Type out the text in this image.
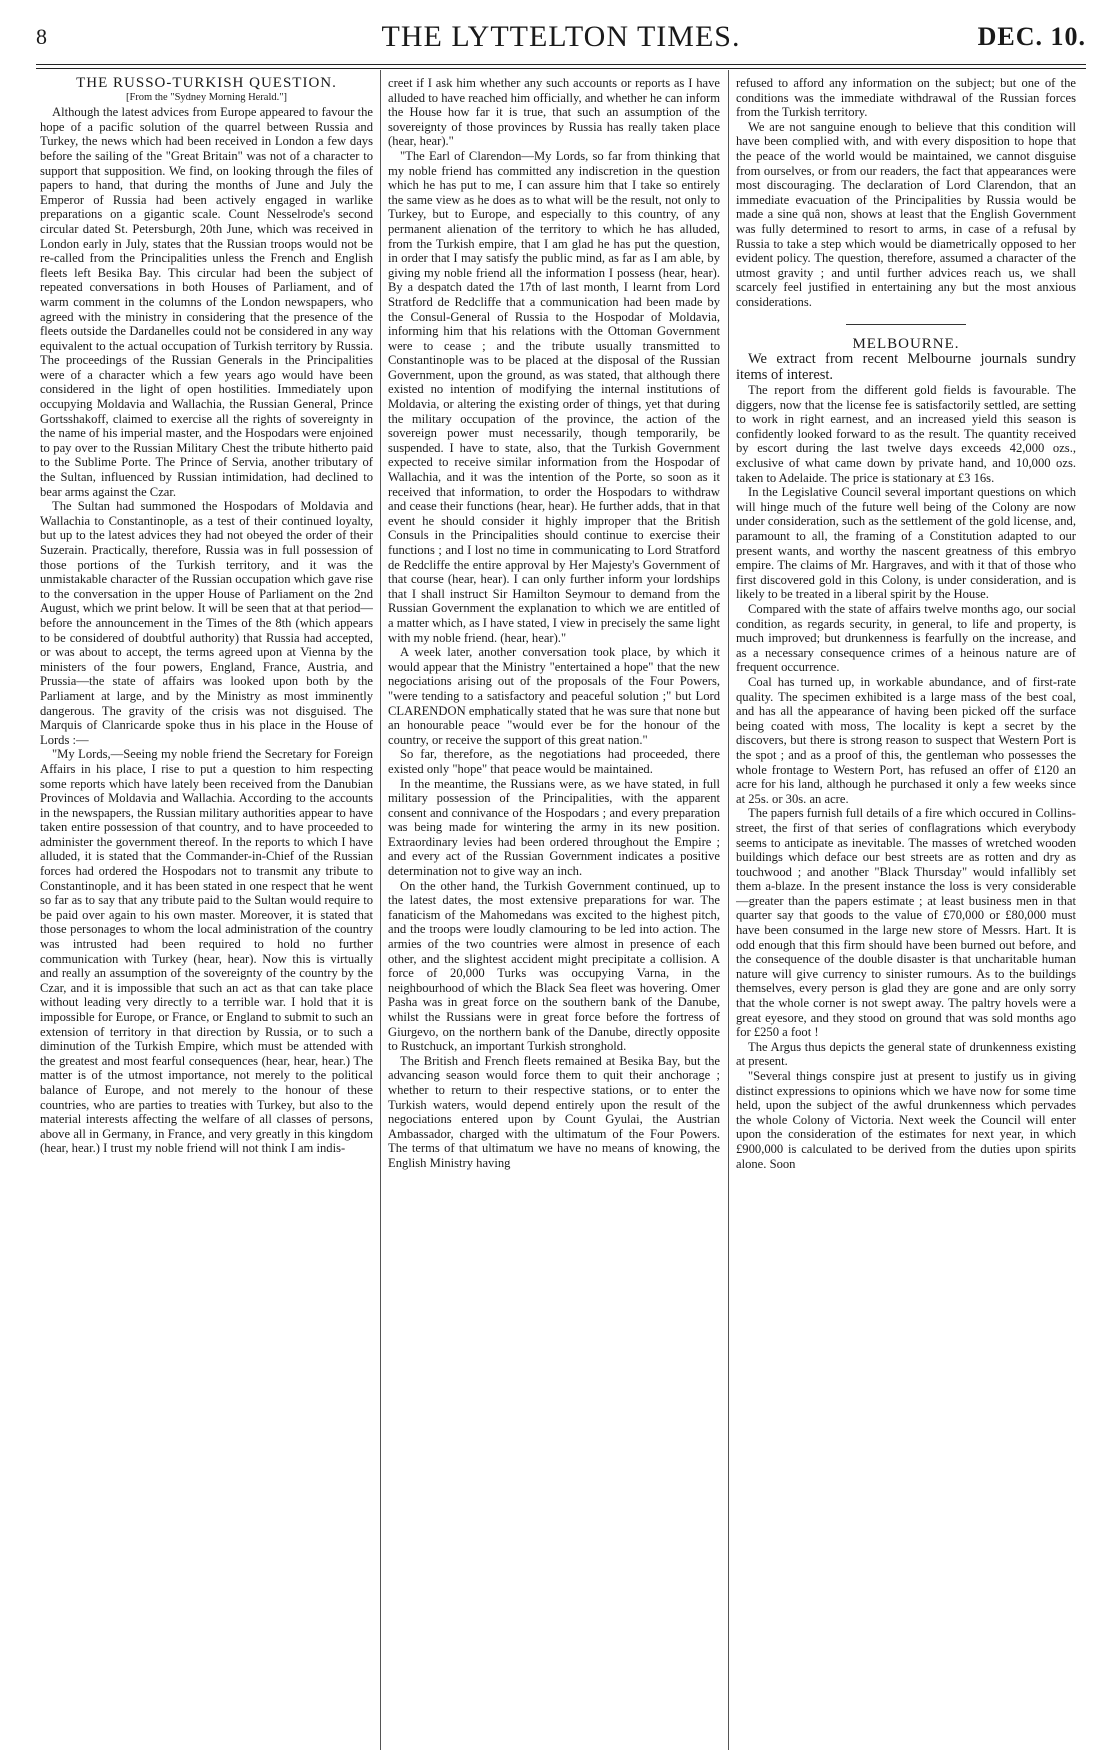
8	THE LYTTELTON TIMES.	DEC. 10.

THE RUSSO-TURKISH QUESTION.

[From the "Sydney Morning Herald."]

Although the latest advices from Europe appeared to favour the hope of a pacific solution of the quarrel between Russia and Turkey, the news which had been received in London a few days before the sailing of the "Great Britain" was not of a character to support that supposition. We find, on looking through the files of papers to hand, that during the months of June and July the Emperor of Russia had been actively engaged in warlike preparations on a gigantic scale. Count Nesselrode's second circular dated St. Petersburgh, 20th June, which was received in London early in July, states that the Russian troops would not be re-called from the Principalities unless the French and English fleets left Besika Bay. This circular had been the subject of repeated conversations in both Houses of Parliament, and of warm comment in the columns of the London newspapers, who agreed with the ministry in considering that the presence of the fleets outside the Dardanelles could not be considered in any way equivalent to the actual occupation of Turkish territory by Russia. The proceedings of the Russian Generals in the Principalities were of a character which a few years ago would have been considered in the light of open hostilities. Immediately upon occupying Moldavia and Wallachia, the Russian General, Prince Gortsshakoff, claimed to exercise all the rights of sovereignty in the name of his imperial master, and the Hospodars were enjoined to pay over to the Russian Military Chest the tribute hitherto paid to the Sublime Porte. The Prince of Servia, another tributary of the Sultan, influenced by Russian intimidation, had declined to bear arms against the Czar.

The Sultan had summoned the Hospodars of Moldavia and Wallachia to Constantinople, as a test of their continued loyalty, but up to the latest advices they had not obeyed the order of their Suzerain. Practically, therefore, Russia was in full possession of those portions of the Turkish territory, and it was the unmistakable character of the Russian occupation which gave rise to the conversation in the upper House of Parliament on the 2nd August, which we print below. It will be seen that at that period—before the announcement in the Times of the 8th (which appears to be considered of doubtful authority) that Russia had accepted, or was about to accept, the terms agreed upon at Vienna by the ministers of the four powers, England, France, Austria, and Prussia—the state of affairs was looked upon both by the Parliament at large, and by the Ministry as most imminently dangerous. The gravity of the crisis was not disguised. The Marquis of Clanricarde spoke thus in his place in the House of Lords :—

"My Lords,—Seeing my noble friend the Secretary for Foreign Affairs in his place, I rise to put a question to him respecting some reports which have lately been received from the Danubian Provinces of Moldavia and Wallachia. According to the accounts in the newspapers, the Russian military authorities appear to have taken entire possession of that country, and to have proceeded to administer the government thereof. In the reports to which I have alluded, it is stated that the Commander-in-Chief of the Russian forces had ordered the Hospodars not to transmit any tribute to Constantinople, and it has been stated in one respect that he went so far as to say that any tribute paid to the Sultan would require to be paid over again to his own master. Moreover, it is stated that those personages to whom the local administration of the country was intrusted had been required to hold no further communication with Turkey (hear, hear). Now this is virtually and really an assumption of the sovereignty of the country by the Czar, and it is impossible that such an act as that can take place without leading very directly to a terrible war. I hold that it is impossible for Europe, or France, or England to submit to such an extension of territory in that direction by Russia, or to such a diminution of the Turkish Empire, which must be attended with the greatest and most fearful consequences (hear, hear, hear.) The matter is of the utmost importance, not merely to the political balance of Europe, and not merely to the honour of these countries, who are parties to treaties with Turkey, but also to the material interests affecting the welfare of all classes of persons, above all in Germany, in France, and very greatly in this kingdom (hear, hear.) I trust my noble friend will not think I am indis-

creet if I ask him whether any such accounts or reports as I have alluded to have reached him officially, and whether he can inform the House how far it is true, that such an assumption of the sovereignty of those provinces by Russia has really taken place (hear, hear)."

"The Earl of Clarendon—My Lords, so far from thinking that my noble friend has committed any indiscretion in the question which he has put to me, I can assure him that I take so entirely the same view as he does as to what will be the result, not only to Turkey, but to Europe, and especially to this country, of any permanent alienation of the territory to which he has alluded, from the Turkish empire, that I am glad he has put the question, in order that I may satisfy the public mind, as far as I am able, by giving my noble friend all the information I possess (hear, hear). By a despatch dated the 17th of last month, I learnt from Lord Stratford de Redcliffe that a communication had been made by the Consul-General of Russia to the Hospodar of Moldavia, informing him that his relations with the Ottoman Government were to cease ; and the tribute usually transmitted to Constantinople was to be placed at the disposal of the Russian Government, upon the ground, as was stated, that although there existed no intention of modifying the internal institutions of Moldavia, or altering the existing order of things, yet that during the military occupation of the province, the action of the sovereign power must necessarily, though temporarily, be suspended. I have to state, also, that the Turkish Government expected to receive similar information from the Hospodar of Wallachia, and it was the intention of the Porte, so soon as it received that information, to order the Hospodars to withdraw and cease their functions (hear, hear). He further adds, that in that event he should consider it highly improper that the British Consuls in the Principalities should continue to exercise their functions ; and I lost no time in communicating to Lord Stratford de Redcliffe the entire approval by Her Majesty's Government of that course (hear, hear). I can only further inform your lordships that I shall instruct Sir Hamilton Seymour to demand from the Russian Government the explanation to which we are entitled of a matter which, as I have stated, I view in precisely the same light with my noble friend. (hear, hear)."

A week later, another conversation took place, by which it would appear that the Ministry "entertained a hope" that the new negociations arising out of the proposals of the Four Powers, "were tending to a satisfactory and peaceful solution ;" but Lord CLARENDON emphatically stated that he was sure that none but an honourable peace "would ever be for the honour of the country, or receive the support of this great nation."

So far, therefore, as the negotiations had proceeded, there existed only "hope" that peace would be maintained.

In the meantime, the Russians were, as we have stated, in full military possession of the Principalities, with the apparent consent and connivance of the Hospodars ; and every preparation was being made for wintering the army in its new position. Extraordinary levies had been ordered throughout the Empire ; and every act of the Russian Government indicates a positive determination not to give way an inch.

On the other hand, the Turkish Government continued, up to the latest dates, the most extensive preparations for war. The fanaticism of the Mahomedans was excited to the highest pitch, and the troops were loudly clamouring to be led into action. The armies of the two countries were almost in presence of each other, and the slightest accident might precipitate a collision. A force of 20,000 Turks was occupying Varna, in the neighbourhood of which the Black Sea fleet was hovering. Omer Pasha was in great force on the southern bank of the Danube, whilst the Russians were in great force before the fortress of Giurgevo, on the northern bank of the Danube, directly opposite to Rustchuck, an important Turkish stronghold.

The British and French fleets remained at Besika Bay, but the advancing season would force them to quit their anchorage ; whether to return to their respective stations, or to enter the Turkish waters, would depend entirely upon the result of the negociations entered upon by Count Gyulai, the Austrian Ambassador, charged with the ultimatum of the Four Powers. The terms of that ultimatum we have no means of knowing, the English Ministry having

refused to afford any information on the subject; but one of the conditions was the immediate withdrawal of the Russian forces from the Turkish territory.

We are not sanguine enough to believe that this condition will have been complied with, and with every disposition to hope that the peace of the world would be maintained, we cannot disguise from ourselves, or from our readers, the fact that appearances were most discouraging. The declaration of Lord Clarendon, that an immediate evacuation of the Principalities by Russia would be made a sine quâ non, shows at least that the English Government was fully determined to resort to arms, in case of a refusal by Russia to take a step which would be diametrically opposed to her evident policy. The question, therefore, assumed a character of the utmost gravity ; and until further advices reach us, we shall scarcely feel justified in entertaining any but the most anxious considerations.

MELBOURNE.

We extract from recent Melbourne journals sundry items of interest.

The report from the different gold fields is favourable. The diggers, now that the license fee is satisfactorily settled, are setting to work in right earnest, and an increased yield this season is confidently looked forward to as the result. The quantity received by escort during the last twelve days exceeds 42,000 ozs., exclusive of what came down by private hand, and 10,000 ozs. taken to Adelaide. The price is stationary at £3 16s.

In the Legislative Council several important questions on which will hinge much of the future well being of the Colony are now under consideration, such as the settlement of the gold license, and, paramount to all, the framing of a Constitution adapted to our present wants, and worthy the nascent greatness of this embryo empire. The claims of Mr. Hargraves, and with it that of those who first discovered gold in this Colony, is under consideration, and is likely to be treated in a liberal spirit by the House.

Compared with the state of affairs twelve months ago, our social condition, as regards security, in general, to life and property, is much improved; but drunkenness is fearfully on the increase, and as a necessary consequence crimes of a heinous nature are of frequent occurrence.

Coal has turned up, in workable abundance, and of first-rate quality. The specimen exhibited is a large mass of the best coal, and has all the appearance of having been picked off the surface being coated with moss, The locality is kept a secret by the discovers, but there is strong reason to suspect that Western Port is the spot ; and as a proof of this, the gentleman who possesses the whole frontage to Western Port, has refused an offer of £120 an acre for his land, although he purchased it only a few weeks since at 25s. or 30s. an acre.

The papers furnish full details of a fire which occured in Collins-street, the first of that series of conflagrations which everybody seems to anticipate as inevitable. The masses of wretched wooden buildings which deface our best streets are as rotten and dry as touchwood ; and another "Black Thursday" would infallibly set them a-blaze. In the present instance the loss is very considerable—greater than the papers estimate ; at least business men in that quarter say that goods to the value of £70,000 or £80,000 must have been consumed in the large new store of Messrs. Hart. It is odd enough that this firm should have been burned out before, and the consequence of the double disaster is that uncharitable human nature will give currency to sinister rumours. As to the buildings themselves, every person is glad they are gone and are only sorry that the whole corner is not swept away. The paltry hovels were a great eyesore, and they stood on ground that was sold months ago for £250 a foot !

The Argus thus depicts the general state of drunkenness existing at present.

"Several things conspire just at present to justify us in giving distinct expressions to opinions which we have now for some time held, upon the subject of the awful drunkenness which pervades the whole Colony of Victoria. Next week the Council will enter upon the consideration of the estimates for next year, in which £900,000 is calculated to be derived from the duties upon spirits alone. Soon
